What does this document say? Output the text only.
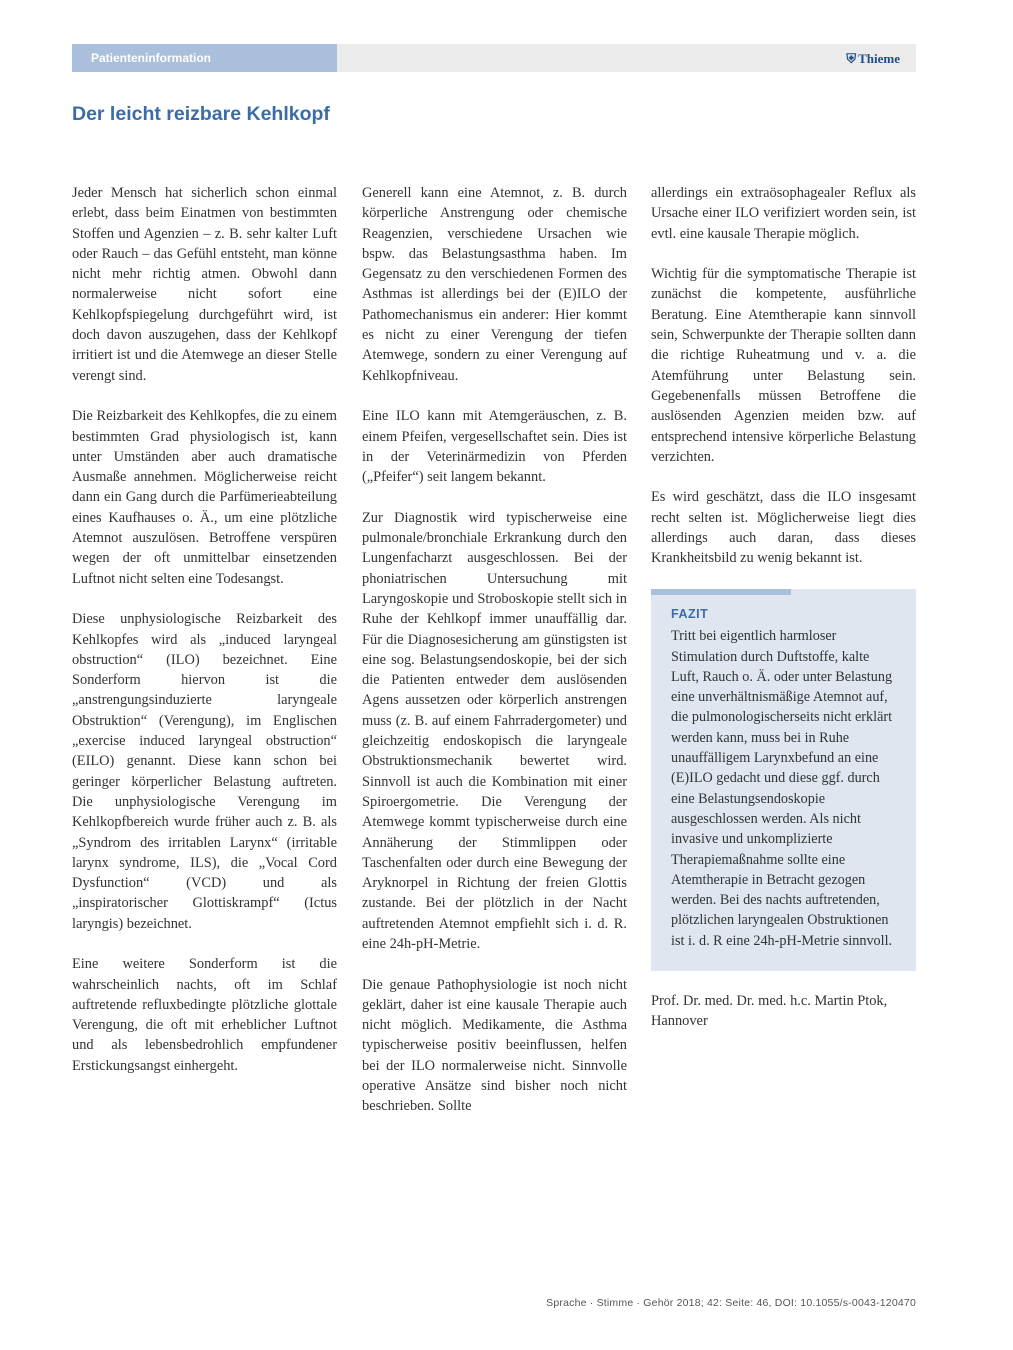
Patienteninformation	⛨ Thieme
Der leicht reizbare Kehlkopf

Jeder Mensch hat sicherlich schon einmal erlebt, dass beim Einatmen von bestimmten Stoffen und Agenzien – z. B. sehr kalter Luft oder Rauch – das Gefühl entsteht, man könne nicht mehr richtig atmen. Obwohl dann normalerweise nicht sofort eine Kehlkopfspiegelung durchgeführt wird, ist doch davon auszugehen, dass der Kehlkopf irritiert ist und die Atemwege an dieser Stelle verengt sind.

Die Reizbarkeit des Kehlkopfes, die zu einem bestimmten Grad physiologisch ist, kann unter Umständen aber auch dramatische Ausmaße annehmen. Möglicherweise reicht dann ein Gang durch die Parfümerieabteilung eines Kaufhauses o. Ä., um eine plötzliche Atemnot auszulösen. Betroffene verspüren wegen der oft unmittelbar einsetzenden Luftnot nicht selten eine Todesangst.

Diese unphysiologische Reizbarkeit des Kehlkopfes wird als „induced laryngeal obstruction“ (ILO) bezeichnet. Eine Sonderform hiervon ist die „anstrengungsinduzierte laryngeale Obstruktion“ (Verengung), im Englischen „exercise induced laryngeal obstruction“ (EILO) genannt. Diese kann schon bei geringer körperlicher Belastung auftreten. Die unphysiologische Verengung im Kehlkopfbereich wurde früher auch z. B. als „Syndrom des irritablen Larynx“ (irritable larynx syndrome, ILS), die „Vocal Cord Dysfunction“ (VCD) und als „inspiratorischer Glottiskrampf“ (Ictus laryngis) bezeichnet.

Eine weitere Sonderform ist die wahrscheinlich nachts, oft im Schlaf auftretende refluxbedingte plötzliche glottale Verengung, die oft mit erheblicher Luftnot und als lebensbedrohlich empfundener Erstickungsangst einhergeht.

Generell kann eine Atemnot, z. B. durch körperliche Anstrengung oder chemische Reagenzien, verschiedene Ursachen wie bspw. das Belastungsasthma haben. Im Gegensatz zu den verschiedenen Formen des Asthmas ist allerdings bei der (E)ILO der Pathomechanismus ein anderer: Hier kommt es nicht zu einer Verengung der tiefen Atemwege, sondern zu einer Verengung auf Kehlkopfniveau.

Eine ILO kann mit Atemgeräuschen, z. B. einem Pfeifen, vergesellschaftet sein. Dies ist in der Veterinärmedizin von Pferden („Pfeifer“) seit langem bekannt.

Zur Diagnostik wird typischerweise eine pulmonale/bronchiale Erkrankung durch den Lungenfacharzt ausgeschlossen. Bei der phoniatrischen Untersuchung mit Laryngoskopie und Stroboskopie stellt sich in Ruhe der Kehlkopf immer unauffällig dar. Für die Diagnosesicherung am günstigsten ist eine sog. Belastungsendoskopie, bei der sich die Patienten entweder dem auslösenden Agens aussetzen oder körperlich anstrengen muss (z. B. auf einem Fahrradergometer) und gleichzeitig endoskopisch die laryngeale Obstruktionsmechanik bewertet wird. Sinnvoll ist auch die Kombination mit einer Spiroergometrie. Die Verengung der Atemwege kommt typischerweise durch eine Annäherung der Stimmlippen oder Taschenfalten oder durch eine Bewegung der Aryknorpel in Richtung der freien Glottis zustande. Bei der plötzlich in der Nacht auftretenden Atemnot empfiehlt sich i. d. R. eine 24h-pH-Metrie.

Die genaue Pathophysiologie ist noch nicht geklärt, daher ist eine kausale Therapie auch nicht möglich. Medikamente, die Asthma typischerweise positiv beeinflussen, helfen bei der ILO normalerweise nicht. Sinnvolle operative Ansätze sind bisher noch nicht beschrieben. Sollte

allerdings ein extraösophagealer Reflux als Ursache einer ILO verifiziert worden sein, ist evtl. eine kausale Therapie möglich.

Wichtig für die symptomatische Therapie ist zunächst die kompetente, ausführliche Beratung. Eine Atemtherapie kann sinnvoll sein, Schwerpunkte der Therapie sollten dann die richtige Ruheatmung und v. a. die Atemführung unter Belastung sein. Gegebenenfalls müssen Betroffene die auslösenden Agenzien meiden bzw. auf entsprechend intensive körperliche Belastung verzichten.

Es wird geschätzt, dass die ILO insgesamt recht selten ist. Möglicherweise liegt dies allerdings auch daran, dass dieses Krankheitsbild zu wenig bekannt ist.

FAZIT
Tritt bei eigentlich harmloser Stimulation durch Duftstoffe, kalte Luft, Rauch o. Ä. oder unter Belastung eine unverhältnismäßige Atemnot auf, die pulmonologischerseits nicht erklärt werden kann, muss bei in Ruhe unauffälligem Larynxbefund an eine (E)ILO gedacht und diese ggf. durch eine Belastungsendoskopie ausgeschlossen werden. Als nicht invasive und unkomplizierte Therapiemaßnahme sollte eine Atemtherapie in Betracht gezogen werden. Bei des nachts auftretenden, plötzlichen laryngealen Obstruktionen ist i. d. R eine 24h-pH-Metrie sinnvoll.
Prof. Dr. med. Dr. med. h.c. Martin Ptok,
Hannover
Sprache · Stimme · Gehör 2018; 42: Seite: 46, DOI: 10.1055/s-0043-120470
